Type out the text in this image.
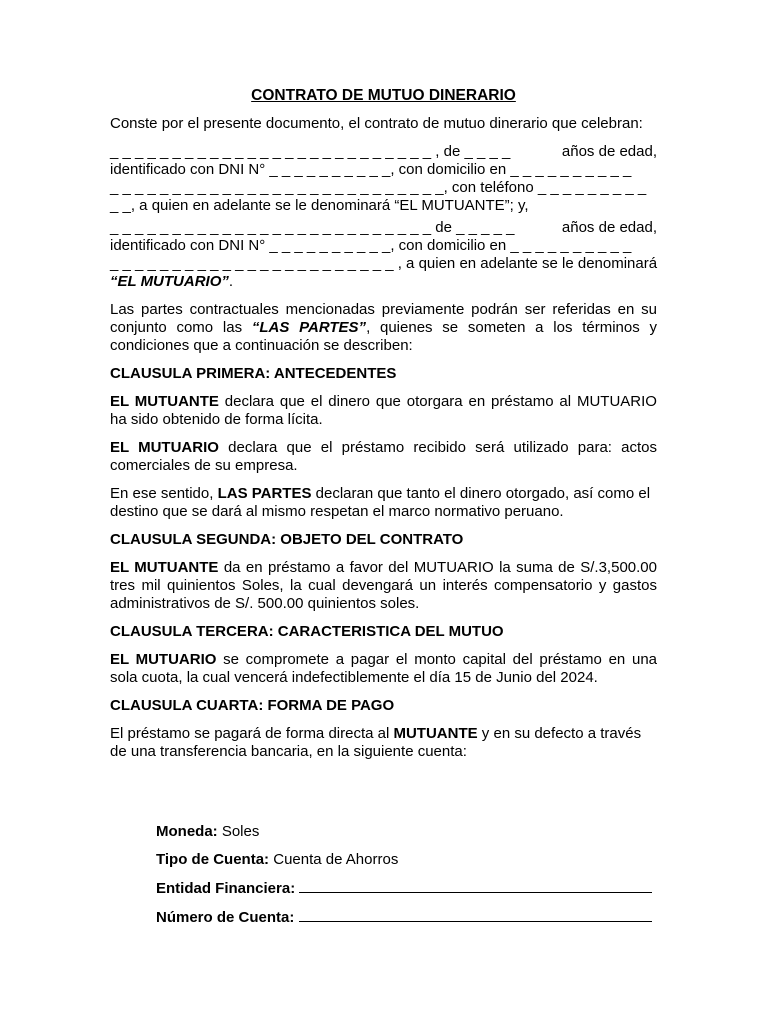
CONTRATO DE MUTUO DINERARIO

Conste por el presente documento, el contrato de mutuo dinerario que celebran:

_ _ _ _ _ _ _ _ _ _ _ _ _ _ _ _ _ _ _ _ _ _ _ _ _ _ , de _ _ _ _	años de edad,
identificado con DNI N° _ _ _ _ _ _ _ _ _ _, con domicilio en _ _ _ _ _ _ _ _ _ _
_ _ _ _ _ _ _ _ _ _ _ _ _ _ _ _ _ _ _ _ _ _ _ _ _ _ _, con teléfono _ _ _ _ _ _ _ _ _
_ _, a quien en adelante se le denominará “EL MUTUANTE”; y,

_ _ _ _ _ _ _ _ _ _ _ _ _ _ _ _ _ _ _ _ _ _ _ _ _ _ de _ _ _ _ _	años de edad,
identificado con DNI N° _ _ _ _ _ _ _ _ _ _, con domicilio en _ _ _ _ _ _ _ _ _ _
_ _ _ _ _ _ _ _ _ _ _ _ _ _ _ _ _ _ _ _ _ _ _ , a quien en adelante se le denominará
“EL MUTUARIO”.

Las partes contractuales mencionadas previamente podrán ser referidas en su conjunto como las “LAS PARTES”, quienes se someten a los términos y condiciones que a continuación se describen:

CLAUSULA PRIMERA: ANTECEDENTES

EL MUTUANTE declara que el dinero que otorgara en préstamo al MUTUARIO ha sido obtenido de forma lícita.

EL MUTUARIO declara que el préstamo recibido será utilizado para: actos comerciales de su empresa.

En ese sentido, LAS PARTES declaran que tanto el dinero otorgado, así como el destino que se dará al mismo respetan el marco normativo peruano.

CLAUSULA SEGUNDA: OBJETO DEL CONTRATO

EL MUTUANTE da en préstamo a favor del MUTUARIO la suma de S/.3,500.00 tres mil quinientos Soles, la cual devengará un interés compensatorio y gastos administrativos de S/. 500.00 quinientos soles.

CLAUSULA TERCERA: CARACTERISTICA DEL MUTUO

EL MUTUARIO se compromete a pagar el monto capital del préstamo en una sola cuota, la cual vencerá indefectiblemente el día 15 de Junio del 2024.

CLAUSULA CUARTA: FORMA DE PAGO

El préstamo se pagará de forma directa al MUTUANTE y en su defecto a través de una transferencia bancaria, en la siguiente cuenta:

Moneda: Soles
Tipo de Cuenta: Cuenta de Ahorros
Entidad Financiera:
Número de Cuenta:
